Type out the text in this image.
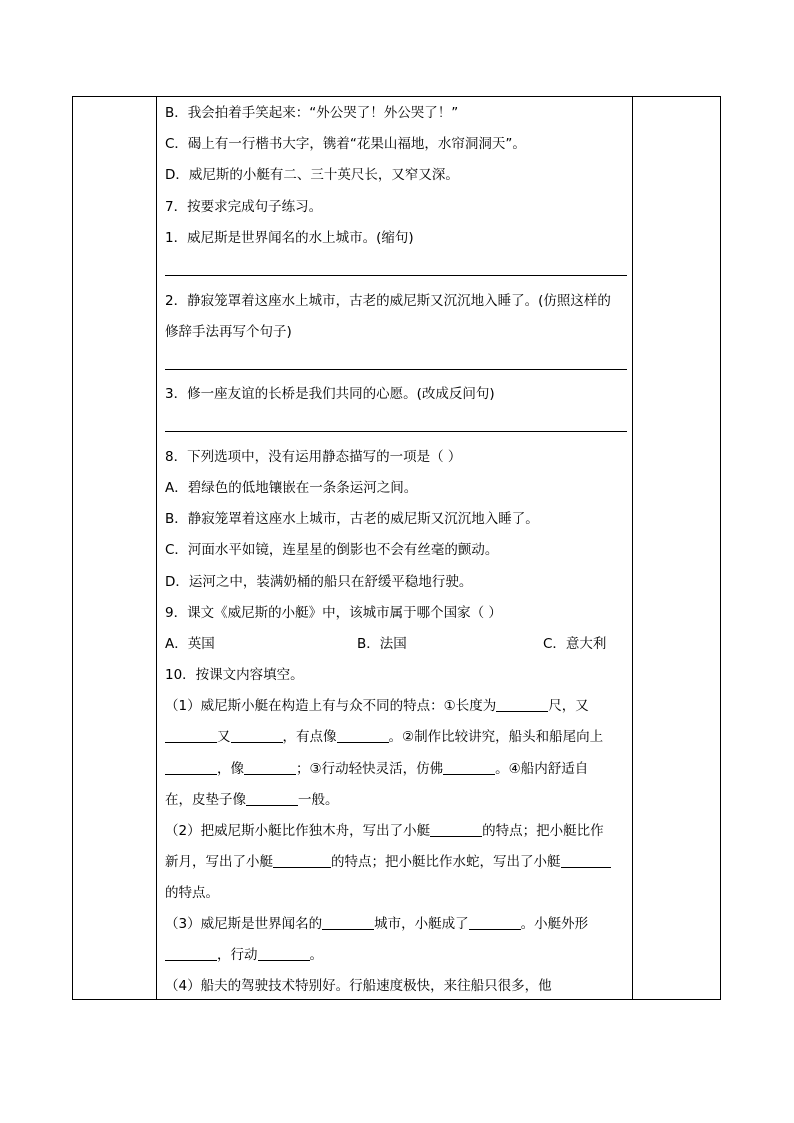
B．我会拍着手笑起来：“外公哭了！外公哭了！”
C．碣上有一行楷书大字，镌着“花果山福地，水帘洞洞天”。
D．威尼斯的小艇有二、三十英尺长，又窄又深。
7．按要求完成句子练习。
1．威尼斯是世界闻名的水上城市。(缩句)
2．静寂笼罩着这座水上城市，古老的威尼斯又沉沉地入睡了。(仿照这样的
修辞手法再写个句子)
3．修一座友谊的长桥是我们共同的心愿。(改成反问句)
8．下列选项中，没有运用静态描写的一项是（ ）
A．碧绿色的低地镶嵌在一条条运河之间。
B．静寂笼罩着这座水上城市，古老的威尼斯又沉沉地入睡了。
C．河面水平如镜，连星星的倒影也不会有丝毫的颤动。
D．运河之中，装满奶桶的船只在舒缓平稳地行驶。
9．课文《威尼斯的小艇》中，该城市属于哪个国家（ ）
A．英国	B．法国	C．意大利
10．按课文内容填空。
（1）威尼斯小艇在构造上有与众不同的特点：①长度为	尺，又
又	，有点像	。②制作比较讲究，船头和船尾向上
，像	；③行动轻快灵活，仿佛	。④船内舒适自
在，皮垫子像	一般。
（2）把威尼斯小艇比作独木舟，写出了小艇	的特点；把小艇比作
新月，写出了小艇	的特点；把小艇比作水蛇，写出了小艇
的特点。
（3）威尼斯是世界闻名的	城市，小艇成了	。小艇外形
，行动	。
（4）船夫的驾驶技术特别好。行船速度极快，来往船只很多，他
